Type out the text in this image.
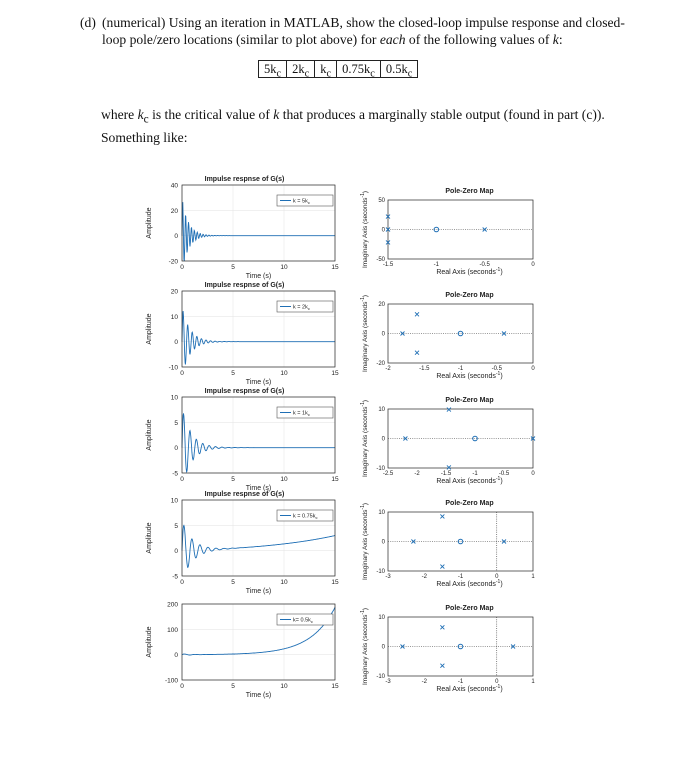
(d) (numerical) Using an iteration in MATLAB, show the closed-loop impulse response and closed-
loop pole/zero locations (similar to plot above) for each of the following values of k:
$5k_c$ $2k_c$ $k_c$ $0.75k_c$ $0.5k_c$
where $k_c$ is the critical value of k that produces a marginally stable output (found in part (c)).
Something like:
0	5	10	15
-20
0
20
40
Impulse respnse of G(s)
Time (s)
Amplitude
$k = 5k_c$
0	5	10	15
-10
0
10
20
Impulse respnse of G(s)
Time (s)
Amplitude
$k = 2k_c$
0	5	10	15
-5
0
5
10
Impulse respnse of G(s)
Time (s)
Amplitude
$k = 1k_c$
0	5	10	15
-5
0
5
10
Impulse respnse of G(s)
Time (s)
Amplitude
$k = 0.75k_c$
0	5	10	15
-100
0
100
200
Time (s)
Amplitude
$k= 0.5k_c$
-1.5	-1	-0.5	0
-50
0
50
Pole-Zero Map
Real Axis (seconds$^{-1}$)
Imaginary Axis (seconds$^{-1}$)
-2	-1.5	-1	-0.5	0
-20
0
20
Pole-Zero Map
Real Axis (seconds$^{-1}$)
Imaginary Axis (seconds$^{-1}$)
-2.5	-2	-1.5	-1	-0.5	0
-10
0
10
Pole-Zero Map
Real Axis (seconds$^{-1}$)
Imaginary Axis (seconds$^{-1}$)
-3	-2	-1	0	1
-10
0
10
Pole-Zero Map
Real Axis (seconds$^{-1}$)
Imaginary Axis (seconds$^{-1}$)
-3	-2	-1	0	1
-10
0
10
Pole-Zero Map
Real Axis (seconds$^{-1}$)
Imaginary Axis (seconds$^{-1}$)
